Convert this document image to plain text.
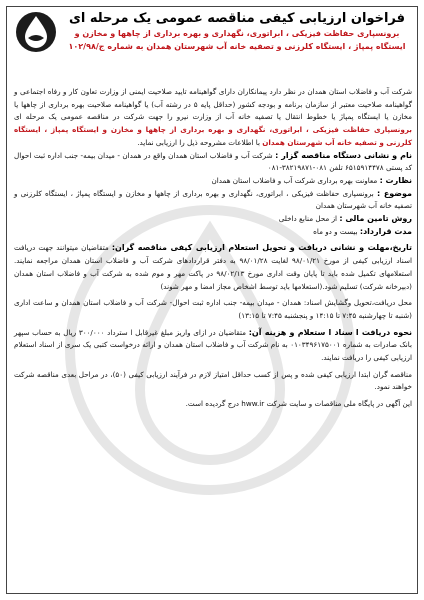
فراخوان ارزیابی کیفی مناقصه عمومی یک مرحله ای
برونسپاری حفاظت فیزیکی ، ابراتوری، نگهداری و بهره برداری از چاهها و مخازن و ایستگاه پمپاژ ، ایستگاه کلرزنی و تصفیه خانه آب شهرستان همدان به شماره ج/۱۰۲/۹۸

شرکت آب و فاضلاب استان همدان در نظر دارد پیمانکاران دارای گواهینامه تایید صلاحیت ایمنی از وزارت تعاون کار و رفاه اجتماعی و گواهینامه صلاحیت معتبر از سازمان برنامه و بودجه کشور (حداقل پایه ۵ در رشته آب) یا گواهینامه صلاحیت بهره برداری از چاهها یا مخازن یا ایستگاه پمپاژ یا خطوط انتقال یا تصفیه خانه آب از وزارت نیرو را جهت شرکت در مناقصه عمومی یک مرحله ای برونسپاری حفاظت فیزیکی ، ابراتوری، نگهداری و بهره برداری از چاهها و مخازن و ایستگاه پمپاژ ، ایستگاه کلرزنی و تصفیه خانه آب شهرستان همدان با اطلاعات مشروحه ذیل را ارزیابی نماید.

نام و نشانی دستگاه مناقصه گزار : شرکت آب و فاضلاب استان همدان واقع در همدان - میدان بیمه- جنب اداره ثبت احوال کد پستی ۶۵۱۵۹۱۴۴۷۸ تلفن ۰۸۱-۳۸۲۱۹۸۷۱-۰۸۱

نظارت : معاونت بهره برداری شرکت آب و فاضلاب استان همدان

موضوع : برونسپاری حفاظت فیزیکی ، ابراتوری، نگهداری و بهره برداری از چاهها و مخازن و ایستگاه پمپاژ ، ایستگاه کلرزنی و تصفیه خانه آب شهرستان همدان

روش تامین مالی : از محل منابع داخلی

مدت قرارداد: بیست و دو ماه

تاریخ،مهلت و نشانی دریافت و تحویل استعلام ارزیابی کیفی مناقصه گران: متقاضیان میتوانند جهت دریافت اسناد ارزیابی کیفی از مورخ ۹۸/۰۱/۲۱ لغایت ۹۸/۰۱/۲۸ به دفتر قراردادهای شرکت آب و فاضلاب استان همدان مراجعه نمایند. استعلامهای تکمیل شده باید تا پایان وقت اداری مورخ ۹۸/۰۲/۱۳ در پاکت مهر و موم شده به شرکت آب و فاضلاب استان همدان (دبیرخانه شرکت) تسلیم شود.(استعلامها باید توسط اشخاص مجاز امضا و مهر شوند)

محل دریافت،تحویل وگشایش اسناد: همدان - میدان بیمه- جنب اداره ثبت احوال- شرکت آب و فاضلاب استان همدان و ساعت اداری (شنبه تا چهارشنبه ۷:۴۵ تا ۱۴:۱۵ و پنجشنبه ۷:۴۵ تا ۱۳:۱۵)

نحوه دریافت ا سناد ا ستعلام و هزینه آن: متقاضیان در ازای واریز مبلغ غیرقابل ا سترداد ۳۰۰/۰۰۰ ریال به حساب سپهر بانک صادرات به شماره ۰۱۰۳۴۹۶۱۷۵۰۰۱ به نام شرکت آب و فاضلاب استان همدان و ارائه درخواست کتبی یک سری از اسناد استعلام ارزیابی کیفی را دریافت نمایند.

مناقصه گران ابتدا ارزیابی کیفی شده و پس از کسب حداقل امتیاز لازم در فرآیند ارزیابی کیفی (۵۰)، در مراحل بعدی مناقصه شرکت خواهند نمود.

این آگهی در پایگاه ملی مناقصات و سایت شرکت hww.ir درج گردیده است.
